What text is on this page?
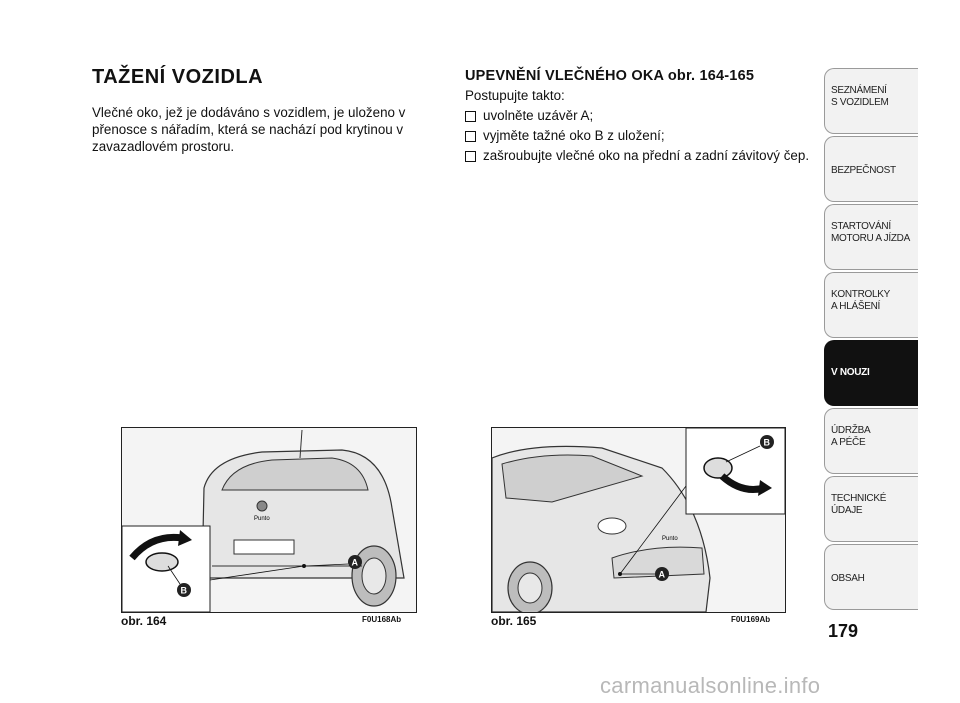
TAŽENÍ VOZIDLA

Vlečné oko, jež je dodáváno s vozidlem, je uloženo v přenosce s nářadím, která se nachází pod krytinou v zavazadlovém prostoru.

UPEVNĚNÍ VLEČNÉHO OKA obr. 164-165
Postupujte takto:
uvolněte uzávěr A;
vyjměte tažné oko B z uložení;
zašroubujte vlečné oko na přední a zadní závitový čep.
Punto
A
B
obr. 164	F0U168Ab
Punto
B
A
obr. 165	F0U169Ab
SEZNÁMENÍ
S VOZIDLEM
BEZPEČNOST
STARTOVÁNÍ
MOTORU A JÍZDA
KONTROLKY
A HLÁŠENÍ
V NOUZI
ÚDRŽBA
A PÉČE
TECHNICKÉ
ÚDAJE
OBSAH
179
carmanualsonline.info
